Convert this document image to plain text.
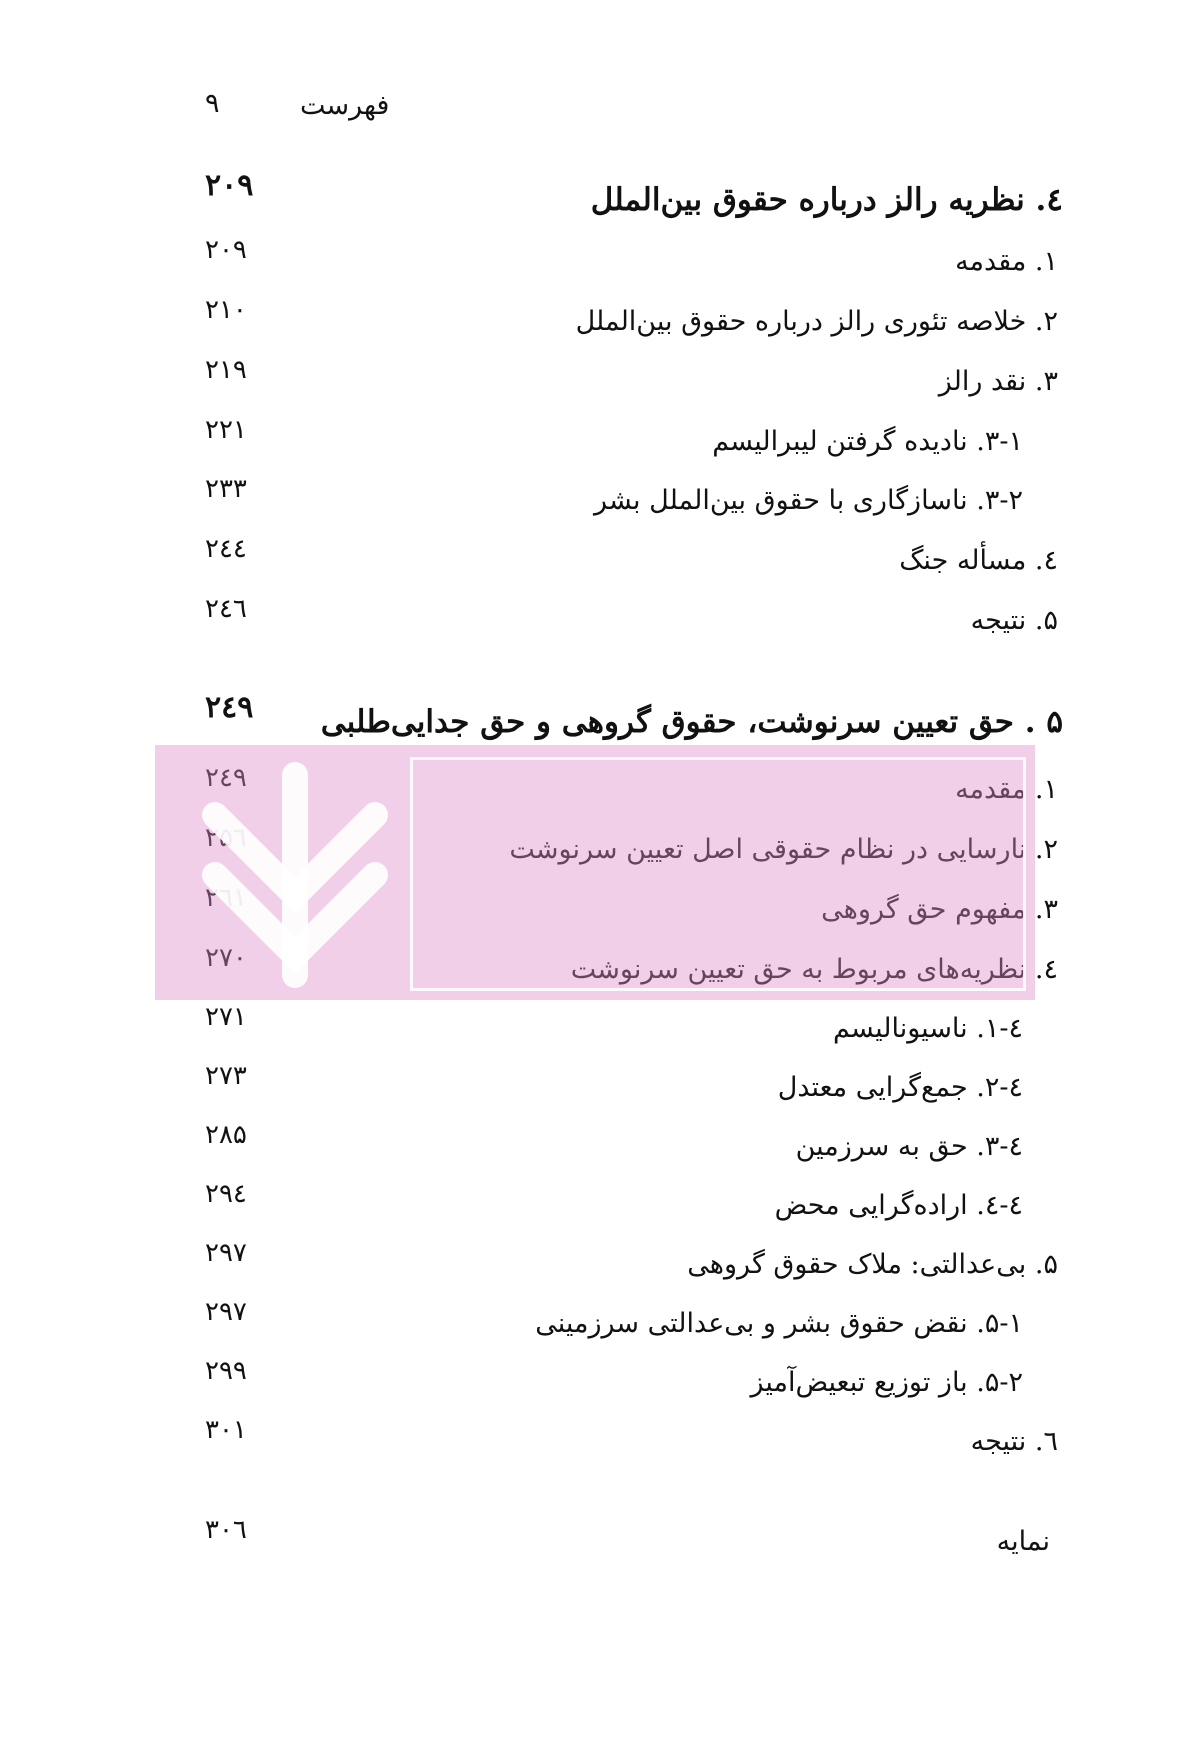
فهرست
۹
٤. نظریه رالز درباره حقوق بین‌الملل
۲۰۹
۱. مقدمه
۲۰۹
۲. خلاصه تئوری رالز درباره حقوق بین‌الملل
۲۱۰
۳. نقد رالز
۲۱۹
۳-۱. نادیده گرفتن لیبرالیسم
۲۲۱
۳-۲. ناسازگاری با حقوق بین‌الملل بشر
۲۳۳
٤. مسأله جنگ
۲٤٤
۵. نتیجه
۲٤٦
۵ . حق تعیین سرنوشت، حقوق گروهی و حق جدایی‌طلبی
۲٤۹
۱. مقدمه
۲٤۹
۲. نارسایی در نظام حقوقی اصل تعیین سرنوشت
۲۵٦
۳. مفهوم حق گروهی
۲٦۱
٤. نظریه‌های مربوط به حق تعیین سرنوشت
۲۷۰
٤-۱. ناسیونالیسم
۲۷۱
٤-۲. جمع‌گرایی معتدل
۲۷۳
٤-۳. حق به سرزمین
۲۸۵
٤-٤. اراده‌گرایی محض
۲۹٤
۵. بی‌عدالتی: ملاک حقوق گروهی
۲۹۷
۵-۱. نقض حقوق بشر و بی‌عدالتی سرزمینی
۲۹۷
۵-۲. باز توزیع تبعیض‌آمیز
۲۹۹
٦. نتیجه
۳۰۱
نمایه
۳۰٦
